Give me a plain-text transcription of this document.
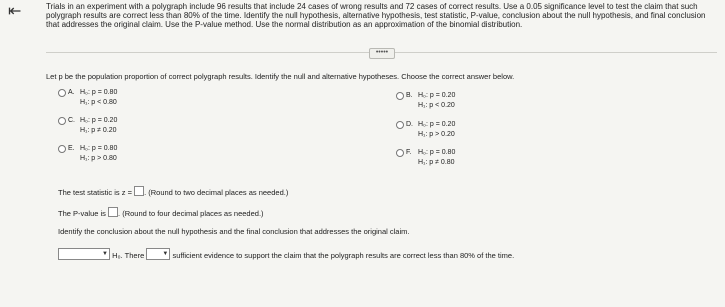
⇤	Trials in an experiment with a polygraph include 96 results that include 24 cases of wrong results and 72 cases of correct results. Use a 0.05 significance level to test the claim that such polygraph results are correct less than 80% of the time. Identify the null hypothesis, alternative hypothesis, test statistic, P-value, conclusion about the null hypothesis, and final conclusion that addresses the original claim. Use the P-value method. Use the normal distribution as an approximation of the binomial distribution.
•••••
Let p be the population proportion of correct polygraph results. Identify the null and alternative hypotheses. Choose the correct answer below.
A. H₀: p = 0.80
H₁: p < 0.80
B. H₀: p = 0.20
H₁: p < 0.20
C. H₀: p = 0.20
H₁: p ≠ 0.20
D. H₀: p = 0.20
H₁: p > 0.20
E. H₀: p = 0.80
H₁: p > 0.80
F. H₀: p = 0.80
H₁: p ≠ 0.80
The test statistic is z = . (Round to two decimal places as needed.)
The P-value is . (Round to four decimal places as needed.)
Identify the conclusion about the null hypothesis and the final conclusion that addresses the original claim.
▼ H₀. There	▼ sufficient evidence to support the claim that the polygraph results are correct less than 80% of the time.
